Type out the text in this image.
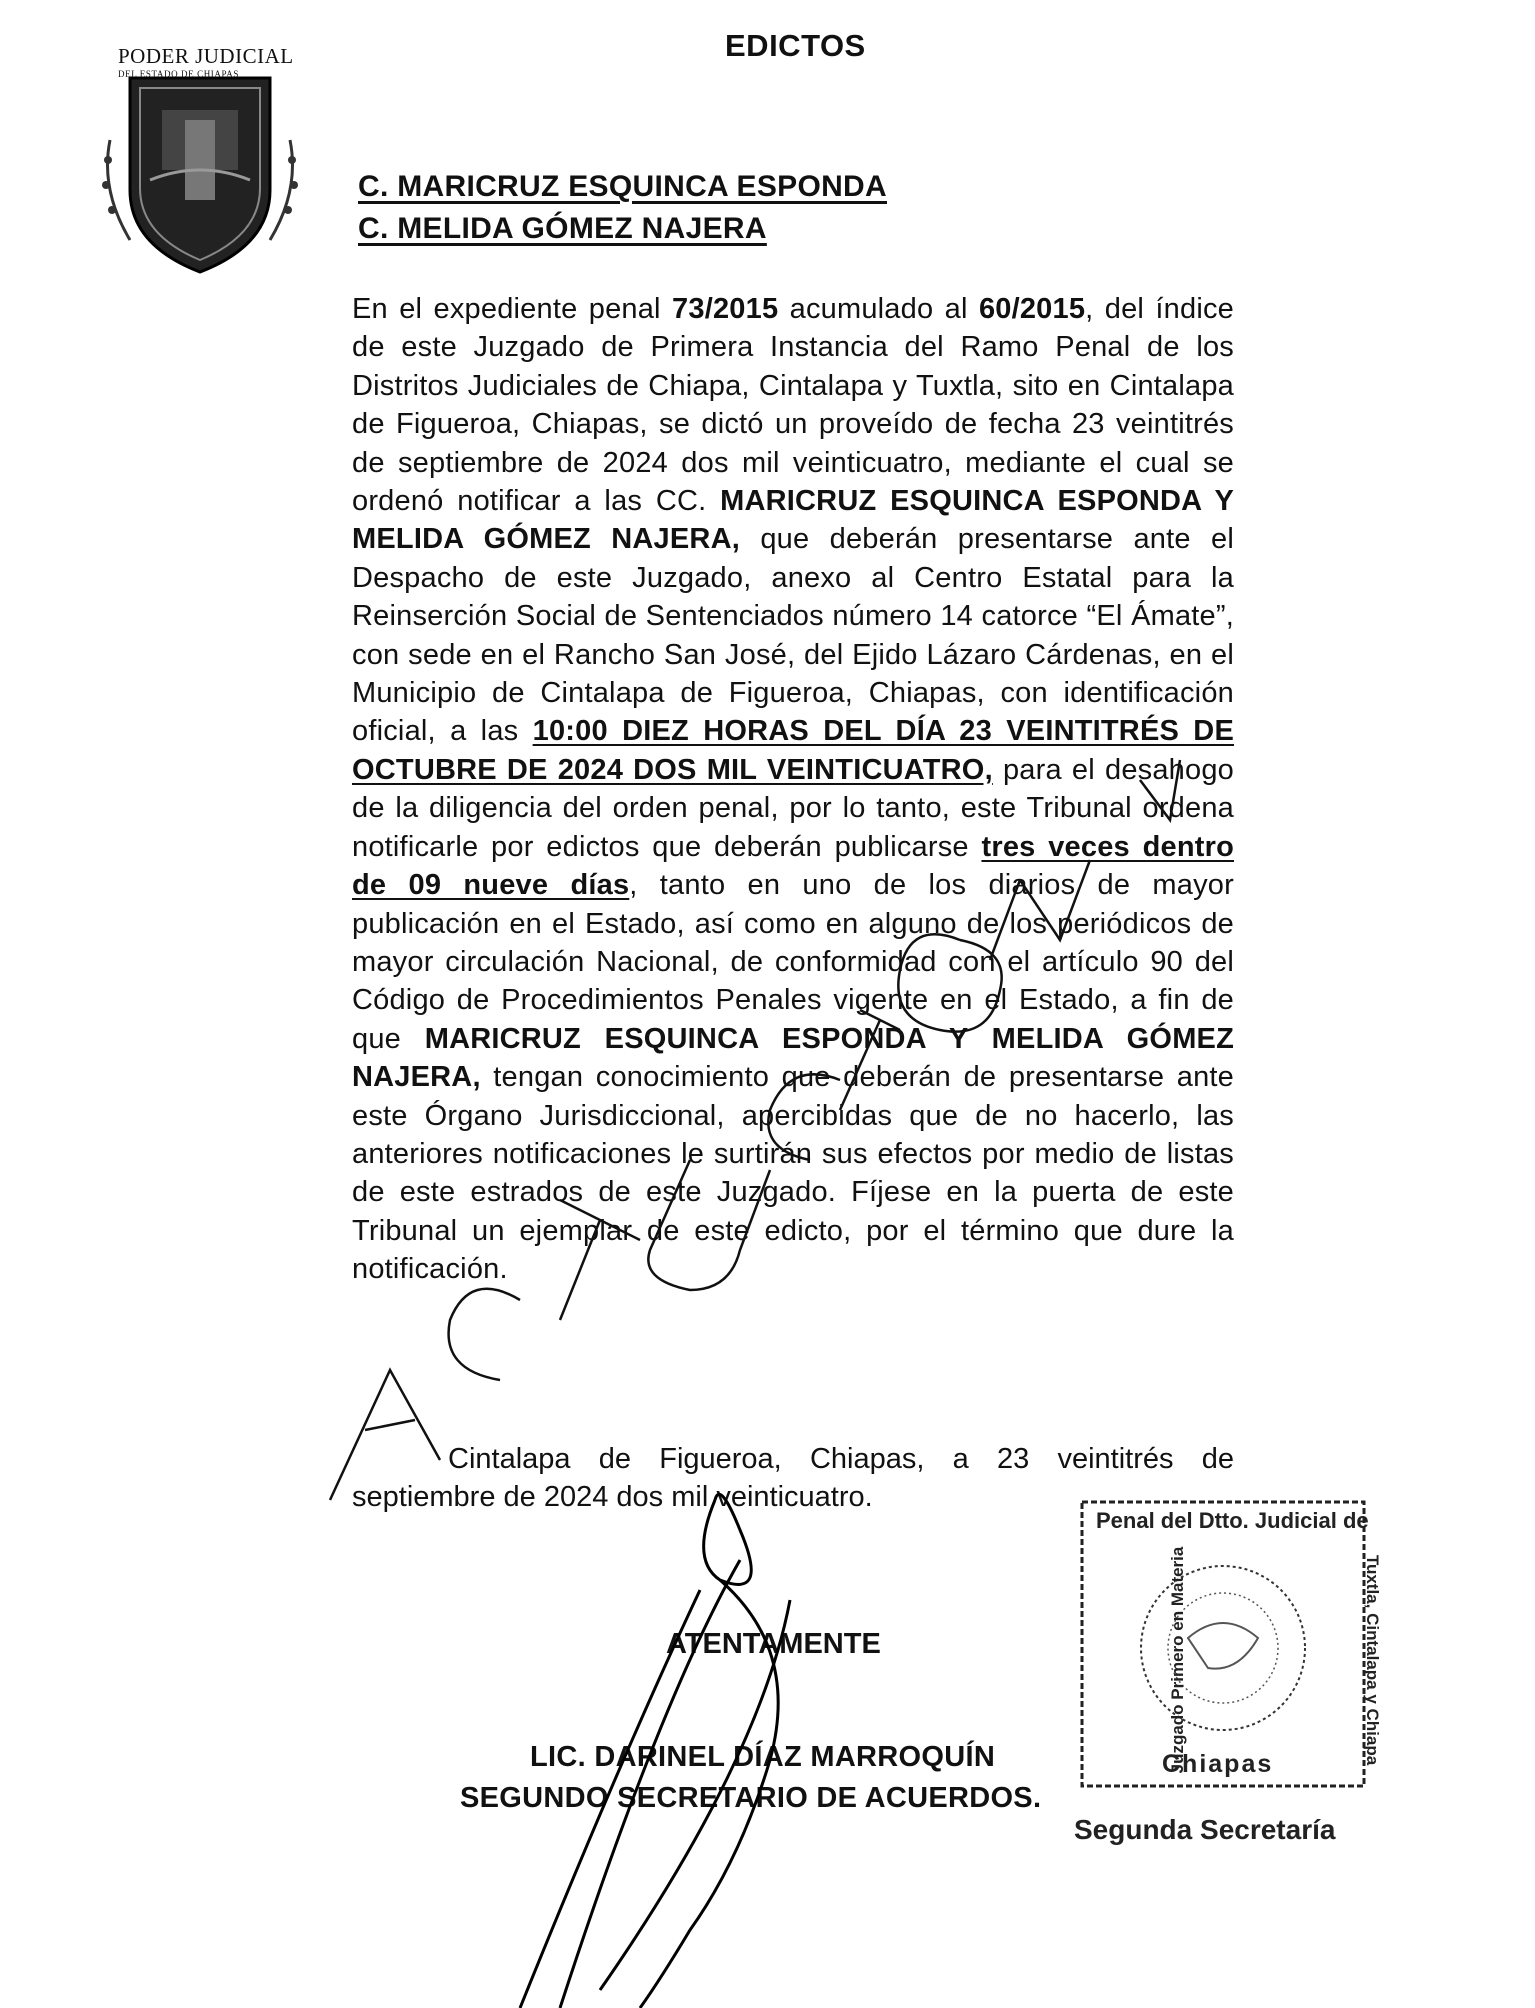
PODER JUDICIAL
DEL ESTADO DE CHIAPAS
EDICTOS
C. MARICRUZ ESQUINCA ESPONDA
C. MELIDA GÓMEZ NAJERA
En el expediente penal 73/2015 acumulado al 60/2015, del índice de este Juzgado de Primera Instancia del Ramo Penal de los Distritos Judiciales de Chiapa, Cintalapa y Tuxtla, sito en Cintalapa de Figueroa, Chiapas, se dictó un proveído de fecha 23 veintitrés de septiembre de 2024 dos mil veinticuatro, mediante el cual se ordenó notificar a las CC. MARICRUZ ESQUINCA ESPONDA Y MELIDA GÓMEZ NAJERA, que deberán presentarse ante el Despacho de este Juzgado, anexo al Centro Estatal para la Reinserción Social de Sentenciados número 14 catorce “El Ámate”, con sede en el Rancho San José, del Ejido Lázaro Cárdenas, en el Municipio de Cintalapa de Figueroa, Chiapas, con identificación oficial, a las 10:00 DIEZ HORAS DEL DÍA 23 VEINTITRÉS DE OCTUBRE DE 2024 DOS MIL VEINTICUATRO, para el desahogo de la diligencia del orden penal, por lo tanto, este Tribunal ordena notificarle por edictos que deberán publicarse tres veces dentro de 09 nueve días, tanto en uno de los diarios de mayor publicación en el Estado, así como en alguno de los periódicos de mayor circulación Nacional, de conformidad con el artículo 90 del Código de Procedimientos Penales vigente en el Estado, a fin de que MARICRUZ ESQUINCA ESPONDA Y MELIDA GÓMEZ NAJERA, tengan conocimiento que deberán de presentarse ante este Órgano Jurisdiccional, apercibidas que de no hacerlo, las anteriores notificaciones le surtirán sus efectos por medio de listas de este estrados de este Juzgado. Fíjese en la puerta de este Tribunal un ejemplar de este edicto, por el término que dure la notificación.
Cintalapa de Figueroa, Chiapas, a 23 veintitrés de septiembre de 2024 dos mil veinticuatro.
ATENTAMENTE
LIC. DARINEL DÍAZ MARROQUÍN
SEGUNDO SECRETARIO DE ACUERDOS.
Penal del Dtto. Judicial de
Juzgado Primero en Materia	Tuxtla, Cintalapa y Chiapa
Chiapas
Segunda Secretaría
